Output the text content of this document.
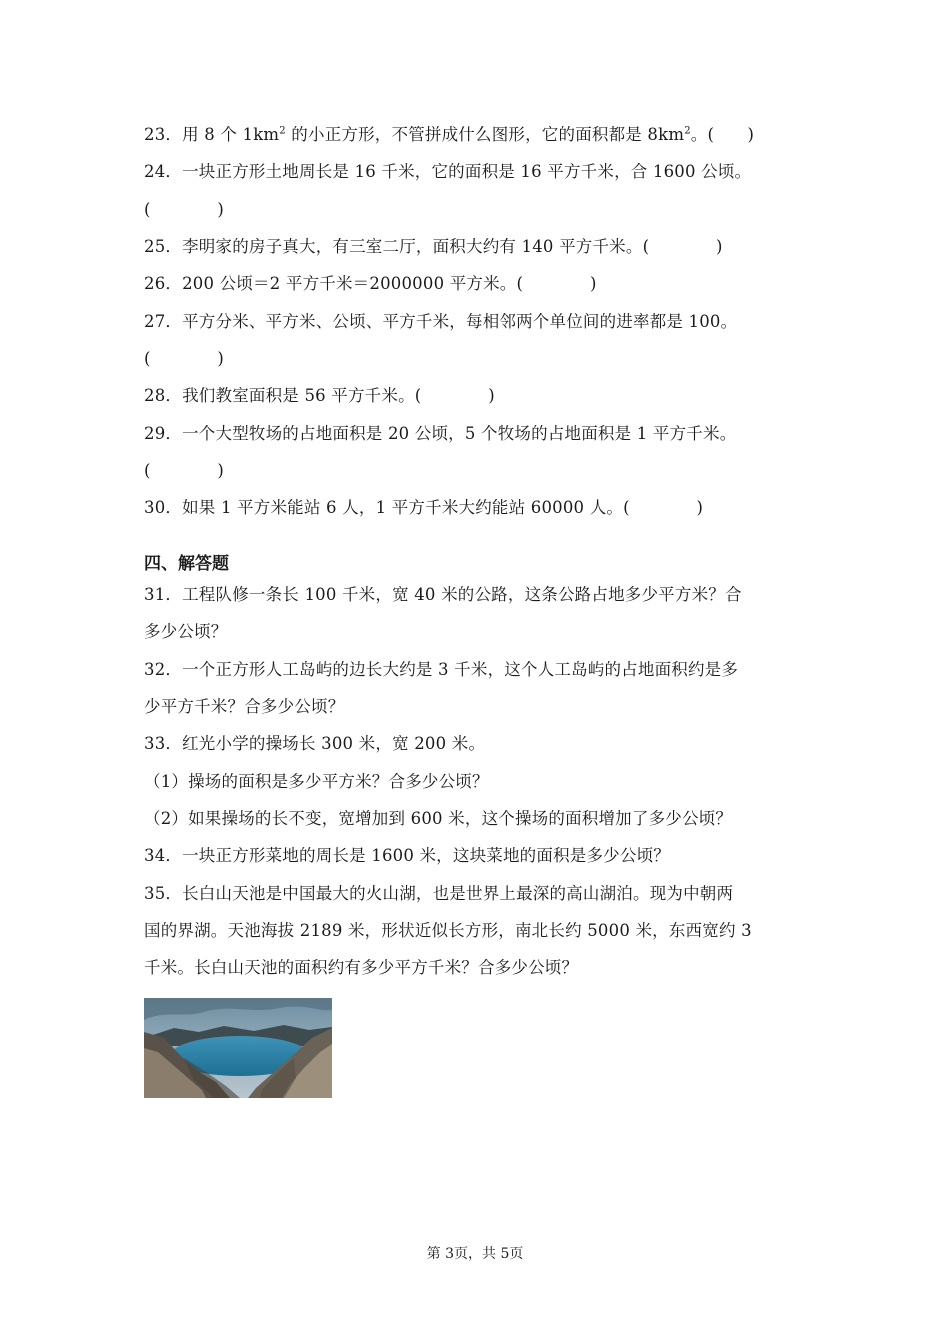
23．用 8 个 $1km^2$ 的小正方形，不管拼成什么图形，它的面积都是 $8km^2$。(　　)
24．一块正方形土地周长是 16 千米，它的面积是 16 平方千米，合 1600 公顷。
(　　　　)
25．李明家的房子真大，有三室二厅，面积大约有 140 平方千米。(　　　　)
26．200 公顷＝2 平方千米＝2000000 平方米。(　　　　)
27．平方分米、平方米、公顷、平方千米，每相邻两个单位间的进率都是 100。
(　　　　)
28．我们教室面积是 56 平方千米。(　　　　)
29．一个大型牧场的占地面积是 20 公顷，5 个牧场的占地面积是 1 平方千米。
(　　　　)
30．如果 1 平方米能站 6 人，1 平方千米大约能站 60000 人。(　　　　)
四、解答题
31．工程队修一条长 100 千米，宽 40 米的公路，这条公路占地多少平方米？合
多少公顷？
32．一个正方形人工岛屿的边长大约是 3 千米，这个人工岛屿的占地面积约是多
少平方千米？合多少公顷？
33．红光小学的操场长 300 米，宽 200 米。
（1）操场的面积是多少平方米？合多少公顷？
（2）如果操场的长不变，宽增加到 600 米，这个操场的面积增加了多少公顷？
34．一块正方形菜地的周长是 1600 米，这块菜地的面积是多少公顷？
35．长白山天池是中国最大的火山湖，也是世界上最深的高山湖泊。现为中朝两
国的界湖。天池海拔 2189 米，形状近似长方形，南北长约 5000 米，东西宽约 3
千米。长白山天池的面积约有多少平方千米？合多少公顷？
第 3页，共 5页
